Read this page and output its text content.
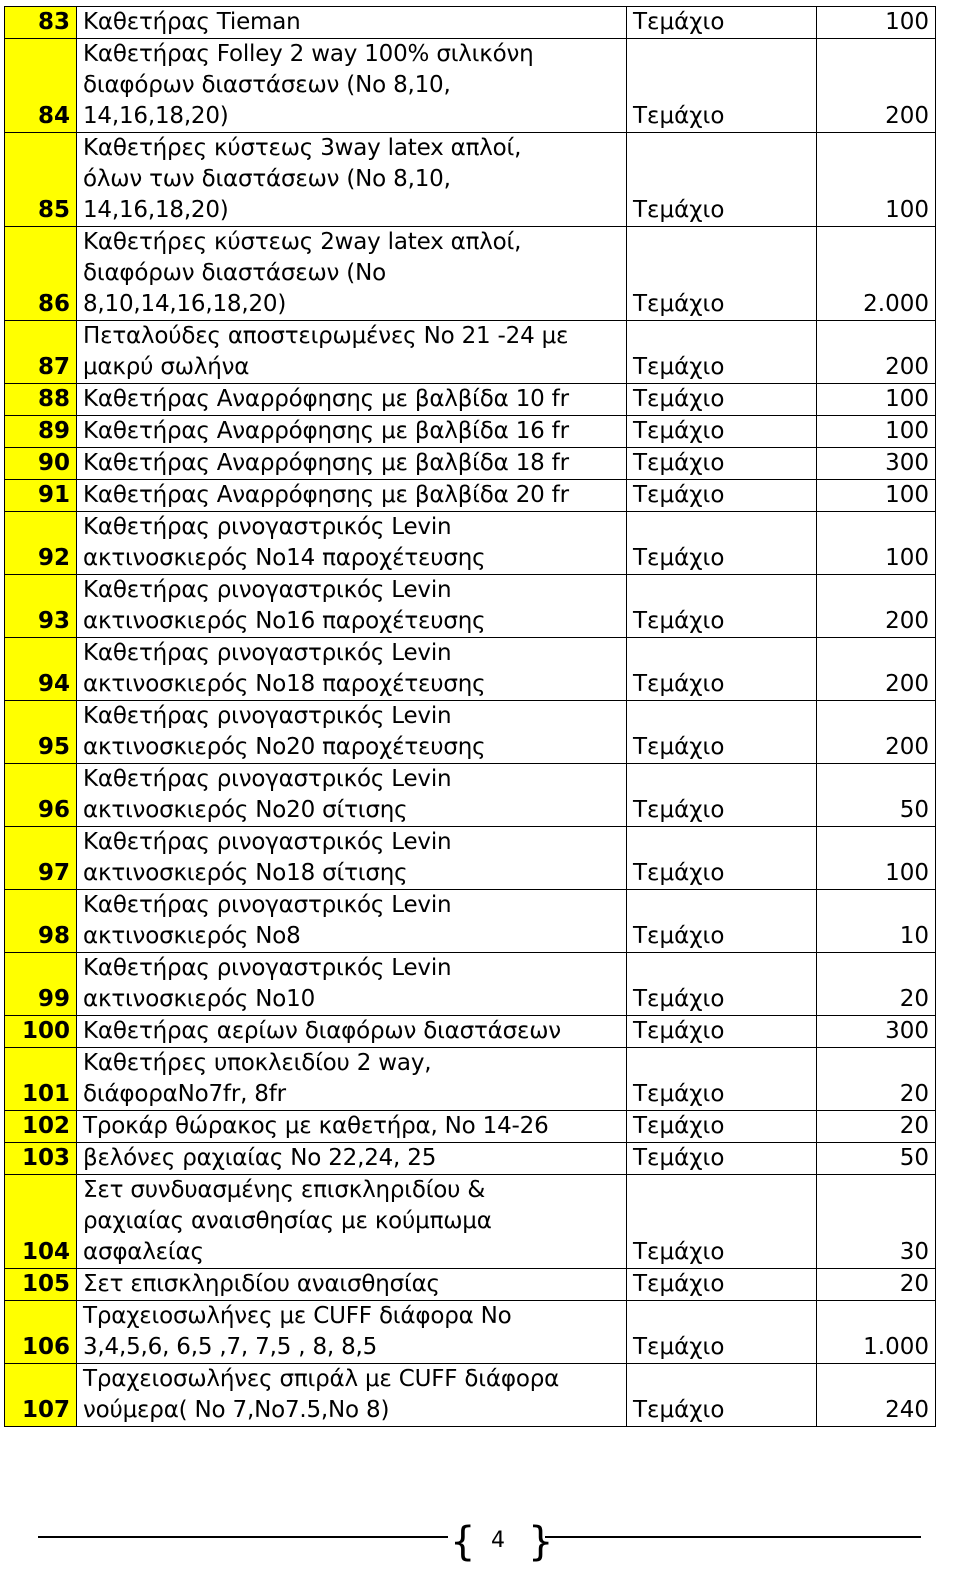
83	Καθετήρας Tieman	Τεμάχιο	100
84	Καθετήρας Folley 2 way 100% σιλικόνη
διαφόρων διαστάσεων (Νο 8,10,
14,16,18,20)	Τεμάχιο	200
85	Καθετήρες κύστεως 3way latex απλοί,
όλων των διαστάσεων (Νο 8,10,
14,16,18,20)	Τεμάχιο	100
86	Καθετήρες κύστεως 2way latex απλοί,
διαφόρων διαστάσεων (Νο
8,10,14,16,18,20)	Τεμάχιο	2.000
87	Πεταλούδες αποστειρωμένες Νο 21 -24 με
μακρύ σωλήνα	Τεμάχιο	200
88	Καθετήρας Αναρρόφησης με βαλβίδα 10 fr	Τεμάχιο	100
89	Καθετήρας Αναρρόφησης με βαλβίδα 16 fr	Τεμάχιο	100
90	Καθετήρας Αναρρόφησης με βαλβίδα 18 fr	Τεμάχιο	300
91	Καθετήρας Αναρρόφησης με βαλβίδα 20 fr	Τεμάχιο	100
92	Καθετήρας ρινογαστρικός Levin
ακτινοσκιερός Νο14 παροχέτευσης	Τεμάχιο	100
93	Καθετήρας ρινογαστρικός Levin
ακτινοσκιερός Νο16 παροχέτευσης	Τεμάχιο	200
94	Καθετήρας ρινογαστρικός Levin
ακτινοσκιερός Νο18 παροχέτευσης	Τεμάχιο	200
95	Καθετήρας ρινογαστρικός Levin
ακτινοσκιερός Νο20 παροχέτευσης	Τεμάχιο	200
96	Καθετήρας ρινογαστρικός Levin
ακτινοσκιερός Νο20 σίτισης	Τεμάχιο	50
97	Καθετήρας ρινογαστρικός Levin
ακτινοσκιερός Νο18 σίτισης	Τεμάχιο	100
98	Καθετήρας ρινογαστρικός Levin
ακτινοσκιερός Νο8	Τεμάχιο	10
99	Καθετήρας ρινογαστρικός Levin
ακτινοσκιερός Νο10	Τεμάχιο	20
100	Καθετήρας αερίων διαφόρων διαστάσεων	Τεμάχιο	300
101	Καθετήρες υποκλειδίου 2 way,
διάφοραΝο7fr, 8fr	Τεμάχιο	20
102	Τροκάρ θώρακος με καθετήρα, Νο 14-26	Τεμάχιο	20
103	βελόνες ραχιαίας Νο 22,24, 25	Τεμάχιο	50
104	Σετ συνδυασμένης επισκληριδίου &
ραχιαίας αναισθησίας με κούμπωμα
ασφαλείας	Τεμάχιο	30
105	Σετ επισκληριδίου αναισθησίας	Τεμάχιο	20
106	Τραχειοσωλήνες με CUFF διάφορα Νο
3,4,5,6, 6,5 ,7, 7,5 , 8, 8,5	Τεμάχιο	1.000
107	Τραχειοσωλήνες σπιράλ με CUFF διάφορα
νούμερα( Νο 7,Νο7.5,Νο 8)	Τεμάχιο	240
{ 4 }
